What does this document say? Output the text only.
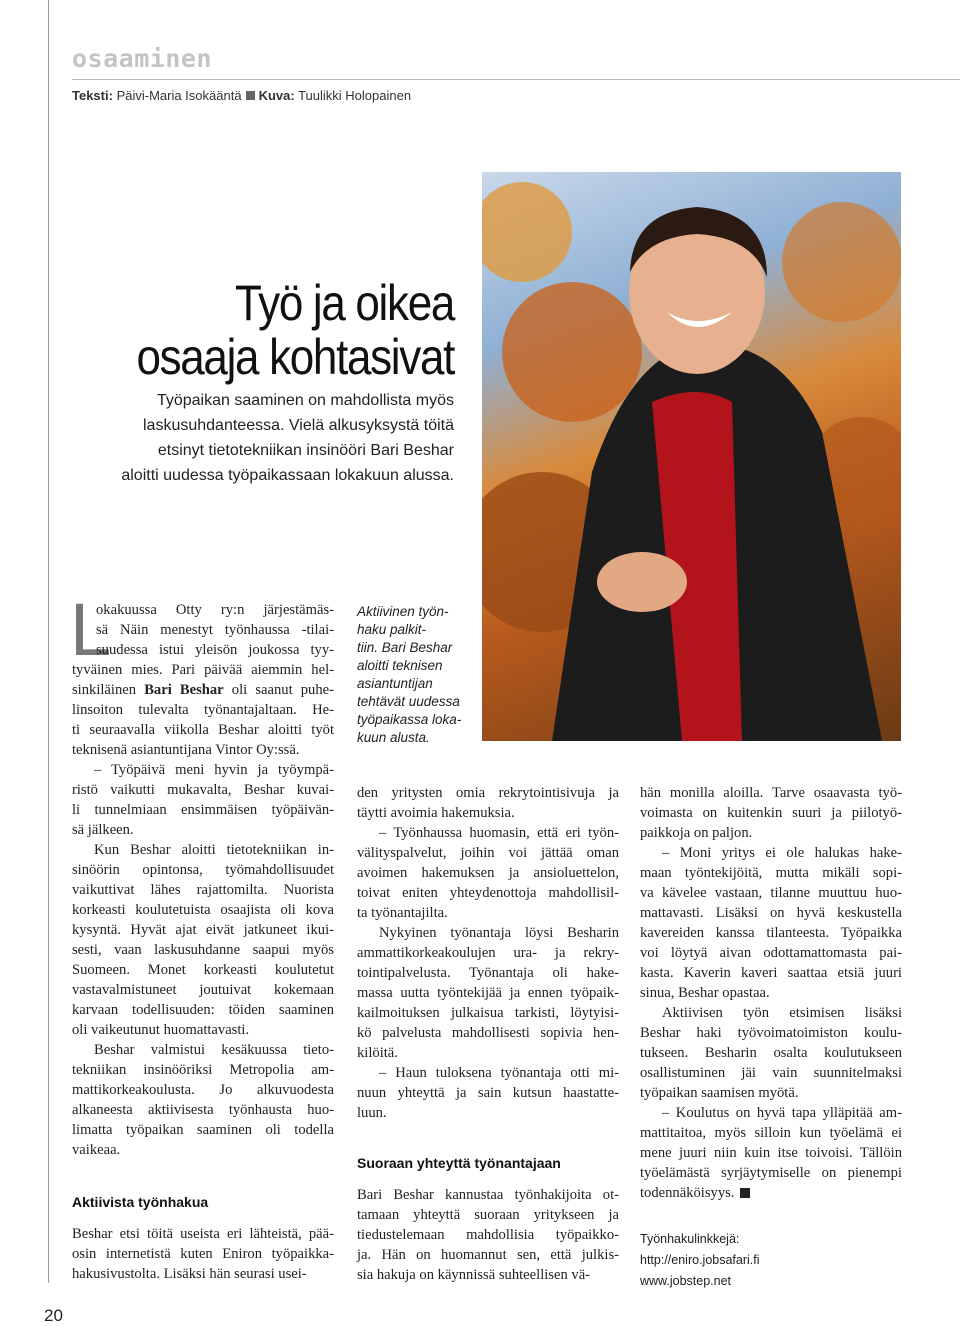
osaaminen
Teksti: Päivi-Maria Isokääntä Kuva: Tuulikki Holopainen
Työ ja oikea
osaaja kohtasivat
Työpaikan saaminen on mahdollista myös
laskusuhdanteessa. Vielä alkusyksystä töitä
etsinyt tietotekniikan insinööri Bari Beshar
aloitti uudessa työpaikassaan lokakuun alussa.
L
okakuussa Otty ry:n järjestämäs-
sä Näin menestyt työnhaussa -tilai-
suudessa istui yleisön joukossa tyy-
tyväinen mies. Pari päivää aiemmin hel-
sinkiläinen Bari Beshar oli saanut puhe-
linsoiton tulevalta työnantajaltaan. He-
ti seuraavalla viikolla Beshar aloitti työt
teknisenä asiantuntijana Vintor Oy:ssä.
– Työpäivä meni hyvin ja työympä-
ristö vaikutti mukavalta, Beshar kuvai-
li tunnelmiaan ensimmäisen työpäivän-
sä jälkeen.
Kun Beshar aloitti tietotekniikan in-
sinöörin opintonsa, työmahdollisuudet
vaikuttivat lähes rajattomilta. Nuorista
korkeasti koulutetuista osaajista oli kova
kysyntä. Hyvät ajat eivät jatkuneet ikui-
sesti, vaan laskusuhdanne saapui myös
Suomeen. Monet korkeasti koulutetut
vastavalmistuneet joutuivat kokemaan
karvaan todellisuuden: töiden saaminen
oli vaikeutunut huomattavasti.
Beshar valmistui kesäkuussa tieto-
tekniikan insinööriksi Metropolia am-
mattikorkeakoulusta. Jo alkuvuodesta
alkaneesta aktiivisesta työnhausta huo-
limatta työpaikan saaminen oli todella
vaikeaa.
Aktiivista työnhakua
Beshar etsi töitä useista eri lähteistä, pää-
osin internetistä kuten Eniron työpaikka-
hakusivustolta. Lisäksi hän seurasi usei-
Aktiivinen työn-
haku palkit-
tiin. Bari Beshar
aloitti teknisen
asiantuntijan
tehtävät uudessa
työpaikassa loka-
kuun alusta.
den yritysten omia rekrytointisivuja ja
täytti avoimia hakemuksia.
– Työnhaussa huomasin, että eri työn-
välityspalvelut, joihin voi jättää oman
avoimen hakemuksen ja ansioluettelon,
toivat eniten yhteydenottoja mahdollisil-
ta työnantajilta.
Nykyinen työnantaja löysi Besharin
ammattikorkeakoulujen ura- ja rekry-
tointipalvelusta. Työnantaja oli hake-
massa uutta työntekijää ja ennen työpaik-
kailmoituksen julkaisua tarkisti, löytyisi-
kö palvelusta mahdollisesti sopivia hen-
kilöitä.
– Haun tuloksena työnantaja otti mi-
nuun yhteyttä ja sain kutsun haastatte-
luun.
Suoraan yhteyttä työnantajaan
Bari Beshar kannustaa työnhakijoita ot-
tamaan yhteyttä suoraan yritykseen ja
tiedustelemaan mahdollisia työpaikko-
ja. Hän on huomannut sen, että julkis-
sia hakuja on käynnissä suhteellisen vä-
hän monilla aloilla. Tarve osaavasta työ-
voimasta on kuitenkin suuri ja piilotyö-
paikkoja on paljon.
– Moni yritys ei ole halukas hake-
maan työntekijöitä, mutta mikäli sopi-
va kävelee vastaan, tilanne muuttuu huo-
mattavasti. Lisäksi on hyvä keskustella
kavereiden kanssa tilanteesta. Työpaikka
voi löytyä aivan odottamattomasta pai-
kasta. Kaverin kaveri saattaa etsiä juuri
sinua, Beshar opastaa.
Aktiivisen työn etsimisen lisäksi
Beshar haki työvoimatoimiston koulu-
tukseen. Besharin osalta koulutukseen
osallistuminen jäi vain suunnitelmaksi
työpaikan saamisen myötä.
– Koulutus on hyvä tapa ylläpitää am-
mattitaitoa, myös silloin kun työelämä ei
mene juuri niin kuin itse toivoisi. Tällöin
työelämästä syrjäytymiselle on pienempi
todennäköisyys.
Työnhakulinkkejä:
http://eniro.jobsafari.fi
www.jobstep.net
20
